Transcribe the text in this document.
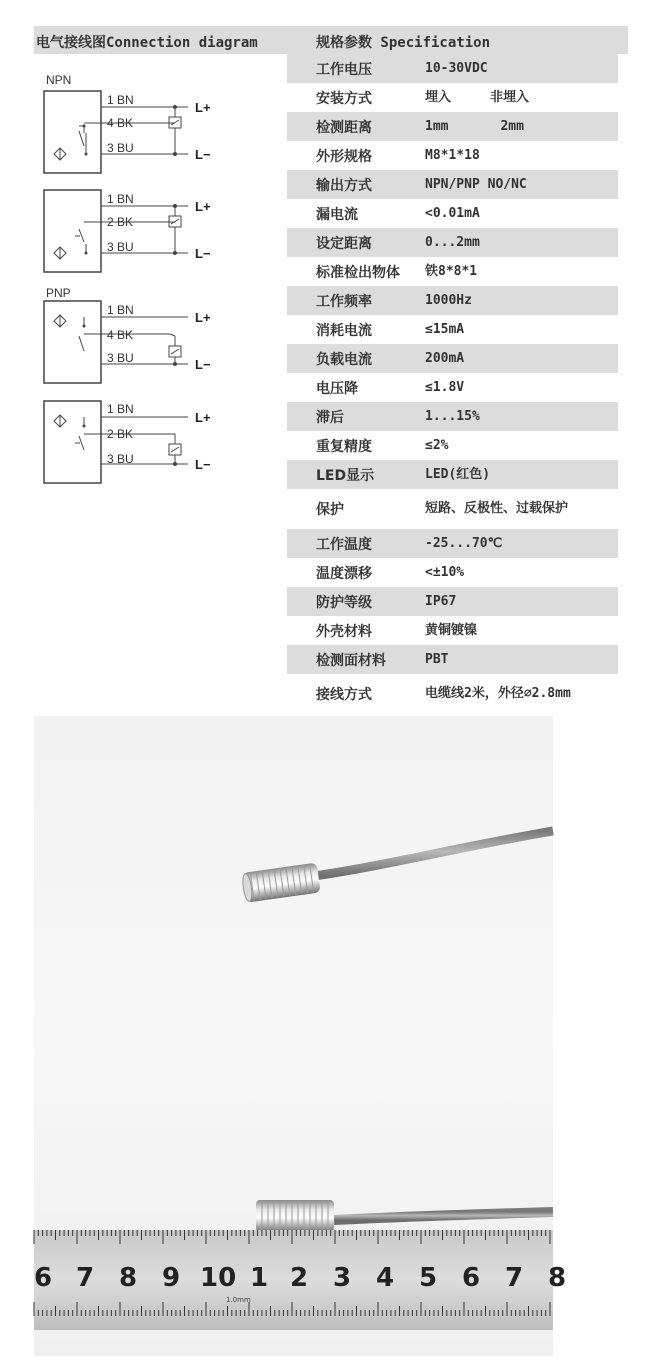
电气接线图Connection diagram	规格参数 Specification
NPN
PNP
1 BN
4 BK
3 BU
1 BN
2 BK
3 BU
1 BN
4 BK
3 BU
1 BN
2 BK
3 BU
L+
L−
L+
L−
L+
L−
L+
L−
工作电压	10-30VDC
安装方式	埋入　　　非埋入
检测距离	1mm　　　　2mm
外形规格	M8*1*18
输出方式	NPN/PNP NO/NC
漏电流	<0.01mA
设定距离	0...2mm
标准检出物体	铁8*8*1
工作频率	1000Hz
消耗电流	≤15mA
负载电流	200mA
电压降	≤1.8V
滞后	1...15%
重复精度	≤2%
LED显示	LED(红色)
保护	短路、反极性、过载保护
工作温度	-25...70℃
温度漂移	<±10%
防护等级	IP67
外壳材料	黄铜镀镍
检测面材料	PBT
接线方式	电缆线2米，外径∅2.8mm
6 7 8 9 10 1 2 3 4 5 6 7 8
1.0mm
